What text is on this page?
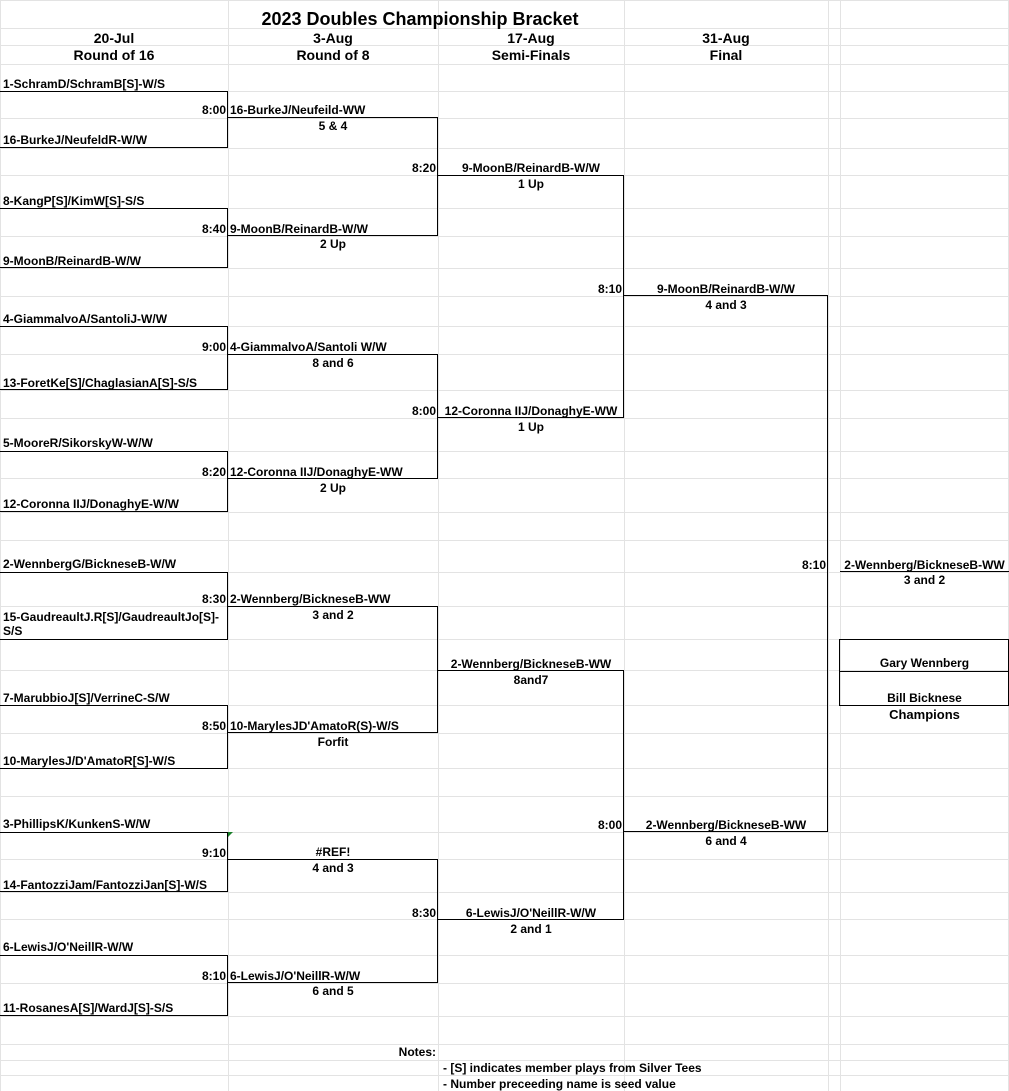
2023 Doubles Championship Bracket
20-Jul
Round of 16
3-Aug
Round of 8
17-Aug
Semi-Finals
31-Aug
Final
1-SchramD/SchramB[S]-W/S
16-BurkeJ/NeufeldR-W/W
8-KangP[S]/KimW[S]-S/S
9-MoonB/ReinardB-W/W
4-GiammalvoA/SantoliJ-W/W
13-ForetKe[S]/ChaglasianA[S]-S/S
5-MooreR/SikorskyW-W/W
12-Coronna IIJ/DonaghyE-W/W
2-WennbergG/BickneseB-W/W
15-GaudreaultJ.R[S]/GaudreaultJo[S]-
S/S
7-MarubbioJ[S]/VerrineC-S/W
10-MarylesJ/D'AmatoR[S]-W/S
3-PhillipsK/KunkenS-W/W
14-FantozziJam/FantozziJan[S]-W/S
6-LewisJ/O'NeillR-W/W
11-RosanesA[S]/WardJ[S]-S/S
8:00 16-BurkeJ/Neufeild-WW
5 & 4
8:40 9-MoonB/ReinardB-W/W
2 Up
9:00 4-GiammalvoA/Santoli W/W
8 and 6
8:20 12-Coronna IIJ/DonaghyE-WW
2 Up
8:30 2-Wennberg/BickneseB-WW
3 and 2
8:50 10-MarylesJD'AmatoR(S)-W/S
Forfit
9:10	#REF!
4 and 3
8:10 6-LewisJ/O'NeillR-W/W
6 and 5
8:20	9-MoonB/ReinardB-W/W
1 Up
8:00 12-Coronna IIJ/DonaghyE-WW
1 Up
2-Wennberg/BickneseB-WW
8and7
8:30	6-LewisJ/O'NeillR-W/W
2 and 1
8:10	9-MoonB/ReinardB-W/W
4 and 3
8:00	2-Wennberg/BickneseB-WW
6 and 4
8:10	2-Wennberg/BickneseB-WW
3 and 2
Gary Wennberg
Bill Bicknese
Champions
Notes:
- [S] indicates member plays from Silver Tees
- Number preceeding name is seed value
